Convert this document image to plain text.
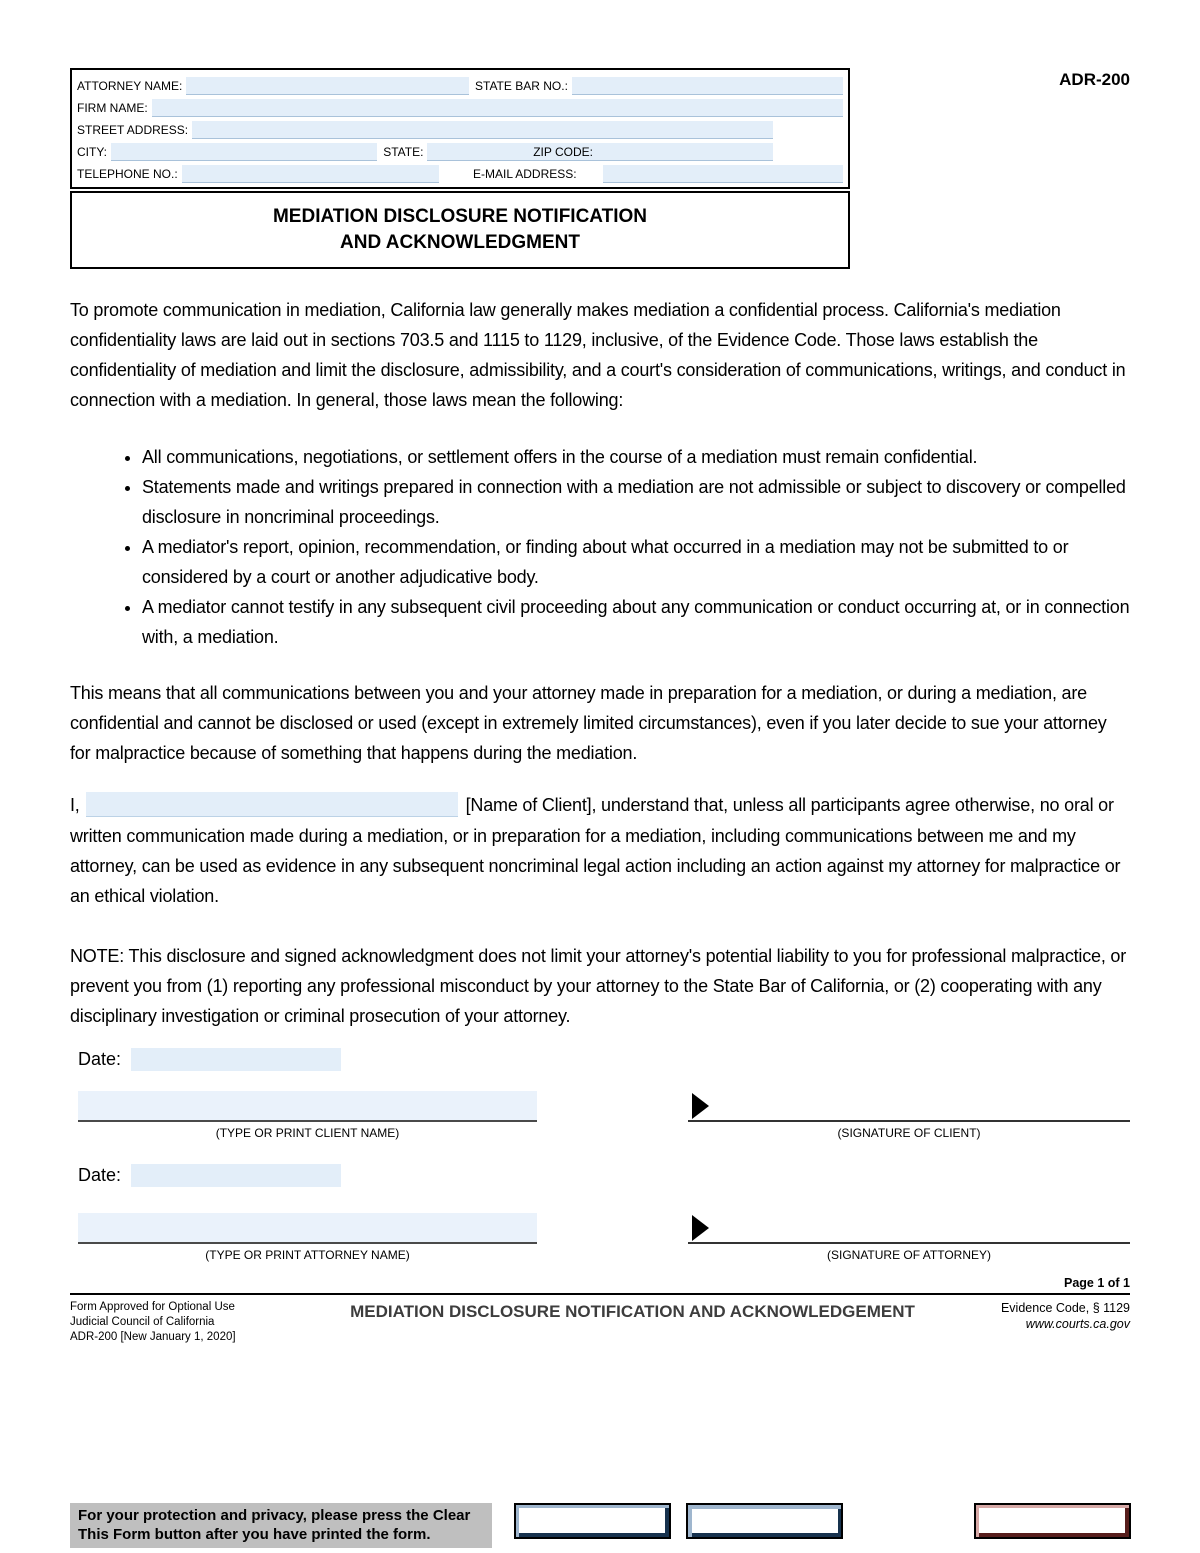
ADR-200
ATTORNEY NAME:	STATE BAR NO.:
FIRM NAME:
STREET ADDRESS:
CITY:	STATE:	ZIP CODE:
TELEPHONE NO.:	E-MAIL ADDRESS:
MEDIATION DISCLOSURE NOTIFICATION
AND ACKNOWLEDGMENT

To promote communication in mediation, California law generally makes mediation a confidential process. California's mediation confidentiality laws are laid out in sections 703.5 and 1115 to 1129, inclusive, of the Evidence Code. Those laws establish the confidentiality of mediation and limit the disclosure, admissibility, and a court's consideration of communications, writings, and conduct in connection with a mediation. In general, those laws mean the following:

• All communications, negotiations, or settlement offers in the course of a mediation must remain confidential.
• Statements made and writings prepared in connection with a mediation are not admissible or subject to discovery or compelled disclosure in noncriminal proceedings.
• A mediator's report, opinion, recommendation, or finding about what occurred in a mediation may not be submitted to or considered by a court or another adjudicative body.
• A mediator cannot testify in any subsequent civil proceeding about any communication or conduct occurring at, or in connection with, a mediation.

This means that all communications between you and your attorney made in preparation for a mediation, or during a mediation, are confidential and cannot be disclosed or used (except in extremely limited circumstances), even if you later decide to sue your attorney for malpractice because of something that happens during the mediation.

I,	[Name of Client], understand that, unless all participants agree otherwise, no oral or written communication made during a mediation, or in preparation for a mediation, including communications between me and my attorney, can be used as evidence in any subsequent noncriminal legal action including an action against my attorney for malpractice or an ethical violation.

NOTE: This disclosure and signed acknowledgment does not limit your attorney's potential liability to you for professional malpractice, or prevent you from (1) reporting any professional misconduct by your attorney to the State Bar of California, or (2) cooperating with any disciplinary investigation or criminal prosecution of your attorney.

Date:
(TYPE OR PRINT CLIENT NAME)	(SIGNATURE OF CLIENT)
Date:
(TYPE OR PRINT ATTORNEY NAME)	(SIGNATURE OF ATTORNEY)
Page 1 of 1
Form Approved for Optional Use
Judicial Council of California
ADR-200 [New January 1, 2020]
MEDIATION DISCLOSURE NOTIFICATION AND ACKNOWLEDGEMENT	Evidence Code, § 1129
www.courts.ca.gov
For your protection and privacy, please press the Clear This Form button after you have printed the form.
